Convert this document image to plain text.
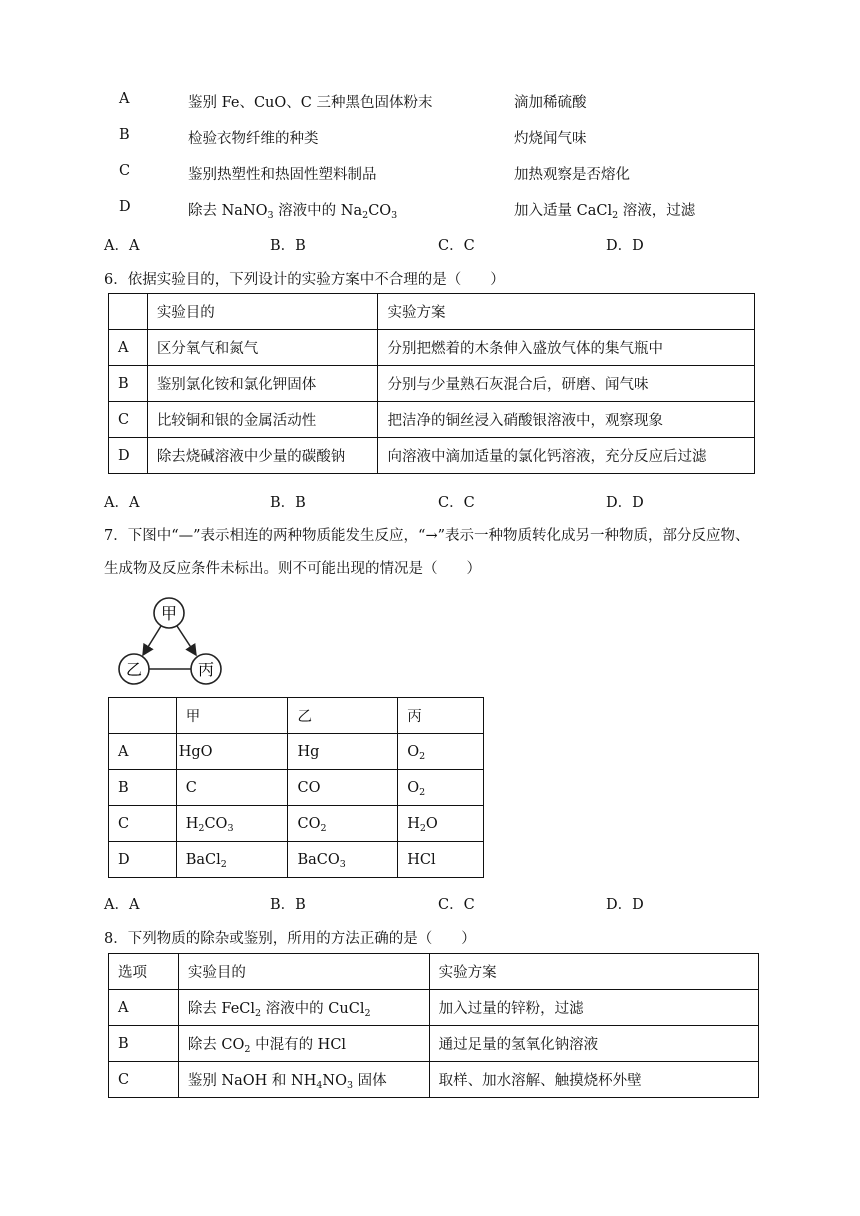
A	鉴别 Fe、CuO、C 三种黑色固体粉末	滴加稀硫酸
B	检验衣物纤维的种类	灼烧闻气味
C	鉴别热塑性和热固性塑料制品	加热观察是否熔化
D	除去 NaNO$_3$ 溶液中的 $Na_2CO_3$	加入适量 CaCl$_2$ 溶液，过滤
A．A	B．B	C．C	D．D
6．依据实验目的，下列设计的实验方案中不合理的是（　　）
	实验目的	实验方案
A	区分氧气和氮气	分别把燃着的木条伸入盛放气体的集气瓶中
B	鉴别氯化铵和氯化钾固体	分别与少量熟石灰混合后，研磨、闻气味
C	比较铜和银的金属活动性	把洁净的铜丝浸入硝酸银溶液中，观察现象
D	除去烧碱溶液中少量的碳酸钠	向溶液中滴加适量的氯化钙溶液，充分反应后过滤
A．A	B．B	C．C	D．D
7．下图中“—”表示相连的两种物质能发生反应，“→”表示一种物质转化成另一种物质，部分反应物、
生成物及反应条件未标出。则不可能出现的情况是（　　）
甲
乙	丙
	甲	乙	丙
A	HgO	Hg	$O_2$
B	C	CO	$O_2$
C	$H_2CO_3$	$CO_2$	$H_2O$
D	BaCl$_2$	BaCO$_3$	HCl
A．A	B．B	C．C	D．D
8．下列物质的除杂或鉴别，所用的方法正确的是（　　）
选项	实验目的	实验方案
A	除去 FeCl$_2$ 溶液中的 CuCl$_2$	加入过量的锌粉，过滤
B	除去 $CO_2$ 中混有的 HCl	通过足量的氢氧化钠溶液
C	鉴别 NaOH 和 $NH_4NO_3$ 固体	取样、加水溶解、触摸烧杯外壁
